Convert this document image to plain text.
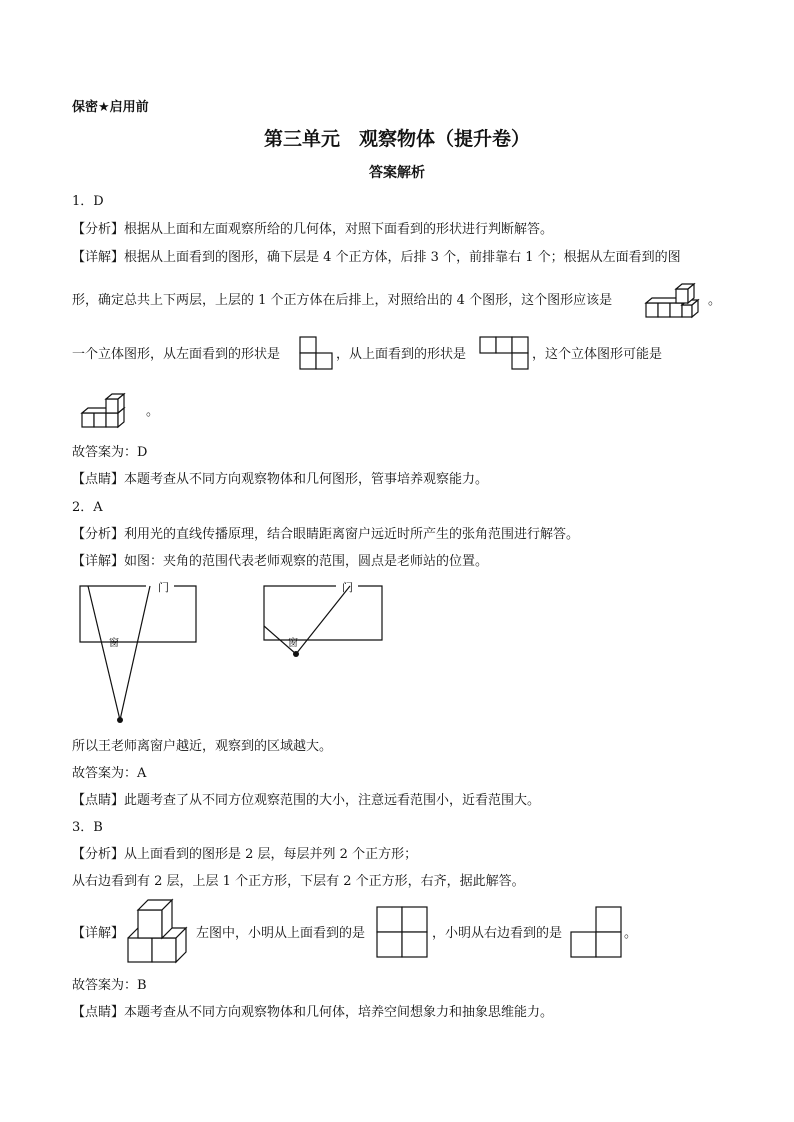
保密★启用前
第三单元　观察物体（提升卷）
答案解析
1．D
【分析】根据从上面和左面观察所给的几何体，对照下面看到的形状进行判断解答。
【详解】根据从上面看到的图形，确下层是 4 个正方体，后排 3 个，前排靠右 1 个；根据从左面看到的图
形，确定总共上下两层，上层的 1 个正方体在后排上，对照给出的 4 个图形，这个图形应该是	。
一个立体图形，从左面看到的形状是	，从上面看到的形状是	，这个立体图形可能是
。
故答案为：D
【点睛】本题考查从不同方向观察物体和几何图形，管事培养观察能力。
2．A
【分析】利用光的直线传播原理，结合眼睛距离窗户远近时所产生的张角范围进行解答。
【详解】如图：夹角的范围代表老师观察的范围，圆点是老师站的位置。
门
窗
门
窗
所以王老师离窗户越近，观察到的区域越大。
故答案为：A
【点睛】此题考查了从不同方位观察范围的大小，注意远看范围小，近看范围大。
3．B
【分析】从上面看到的图形是 2 层，每层并列 2 个正方形；
从右边看到有 2 层，上层 1 个正方形，下层有 2 个正方形，右齐，据此解答。
【详解】	左图中，小明从上面看到的是	，小明从右边看到的是	。
故答案为：B
【点睛】本题考查从不同方向观察物体和几何体，培养空间想象力和抽象思维能力。
